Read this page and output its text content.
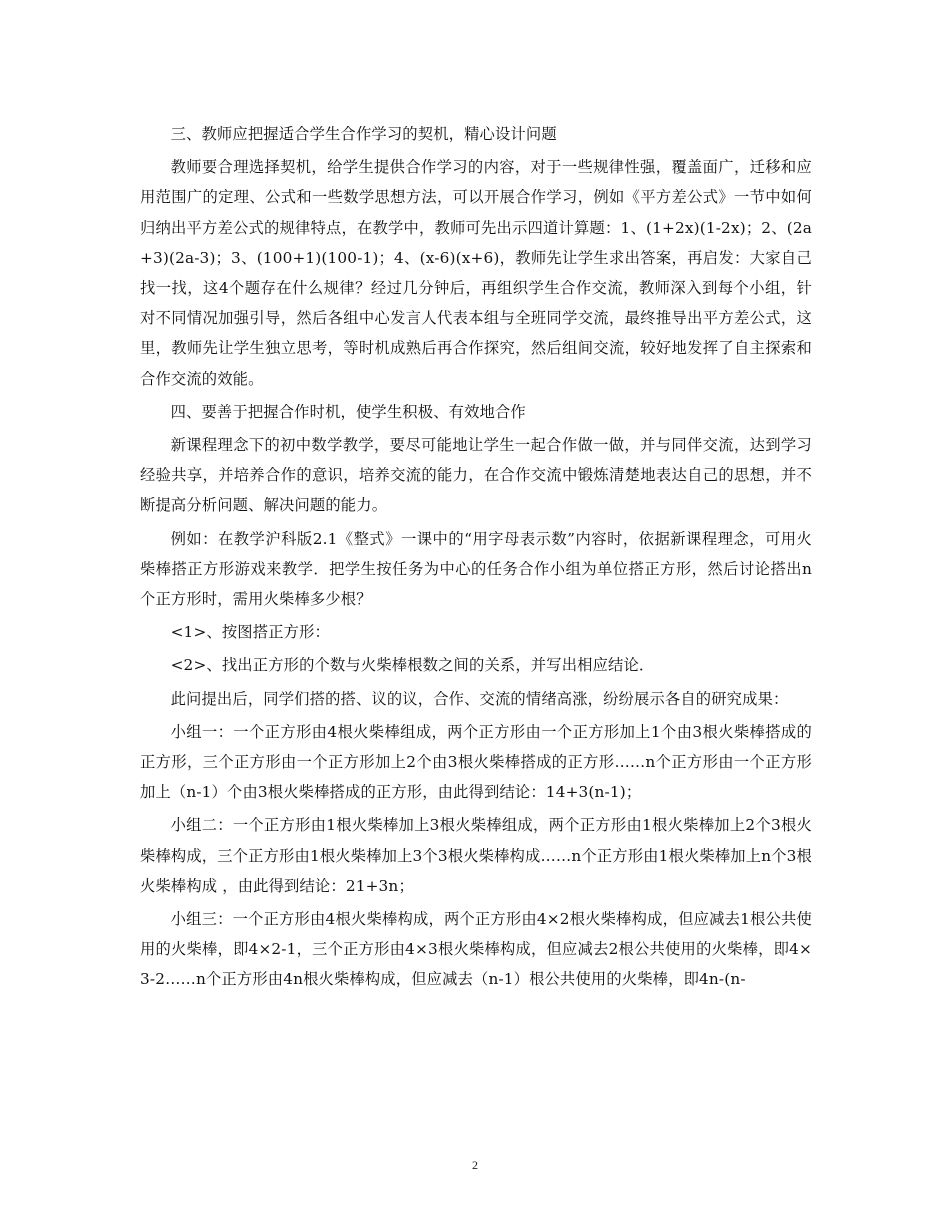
三、教师应把握适合学生合作学习的契机，精心设计问题

教师要合理选择契机，给学生提供合作学习的内容，对于一些规律性强，覆盖面广，迁移和应用范围广的定理、公式和一些数学思想方法，可以开展合作学习，例如《平方差公式》一节中如何归纳出平方差公式的规律特点，在教学中，教师可先出示四道计算题：1、(1+2x)(1-2x)；2、(2a+3)(2a-3)；3、(100+1)(100-1)；4、(x-6)(x+6)，教师先让学生求出答案，再启发：大家自己找一找，这4个题存在什么规律？经过几分钟后，再组织学生合作交流，教师深入到每个小组，针对不同情况加强引导，然后各组中心发言人代表本组与全班同学交流，最终推导出平方差公式，这里，教师先让学生独立思考，等时机成熟后再合作探究，然后组间交流，较好地发挥了自主探索和合作交流的效能。

四、要善于把握合作时机，使学生积极、有效地合作

新课程理念下的初中数学教学，要尽可能地让学生一起合作做一做，并与同伴交流，达到学习经验共享，并培养合作的意识，培养交流的能力，在合作交流中锻炼清楚地表达自己的思想，并不断提高分析问题、解决问题的能力。

例如：在教学沪科版2.1《整式》一课中的“用字母表示数”内容时，依据新课程理念，可用火柴棒搭正方形游戏来教学．把学生按任务为中心的任务合作小组为单位搭正方形，然后讨论搭出n个正方形时，需用火柴棒多少根？

<1>、按图搭正方形：

<2>、找出正方形的个数与火柴棒根数之间的关系，并写出相应结论．

此问提出后，同学们搭的搭、议的议，合作、交流的情绪高涨，纷纷展示各自的研究成果：

小组一：一个正方形由4根火柴棒组成，两个正方形由一个正方形加上1个由3根火柴棒搭成的正方形，三个正方形由一个正方形加上2个由3根火柴棒搭成的正方形……n个正方形由一个正方形加上（n-1）个由3根火柴棒搭成的正方形，由此得到结论：14+3(n-1)；

小组二：一个正方形由1根火柴棒加上3根火柴棒组成，两个正方形由1根火柴棒加上2个3根火柴棒构成，三个正方形由1根火柴棒加上3个3根火柴棒构成……n个正方形由1根火柴棒加上n个3根火柴棒构成 ，由此得到结论：21+3n；

小组三：一个正方形由4根火柴棒构成，两个正方形由4×2根火柴棒构成，但应减去1根公共使用的火柴棒，即4×2-1，三个正方形由4×3根火柴棒构成，但应减去2根公共使用的火柴棒，即4×3-2……n个正方形由4n根火柴棒构成，但应减去（n-1）根公共使用的火柴棒，即4n-(n-

2
